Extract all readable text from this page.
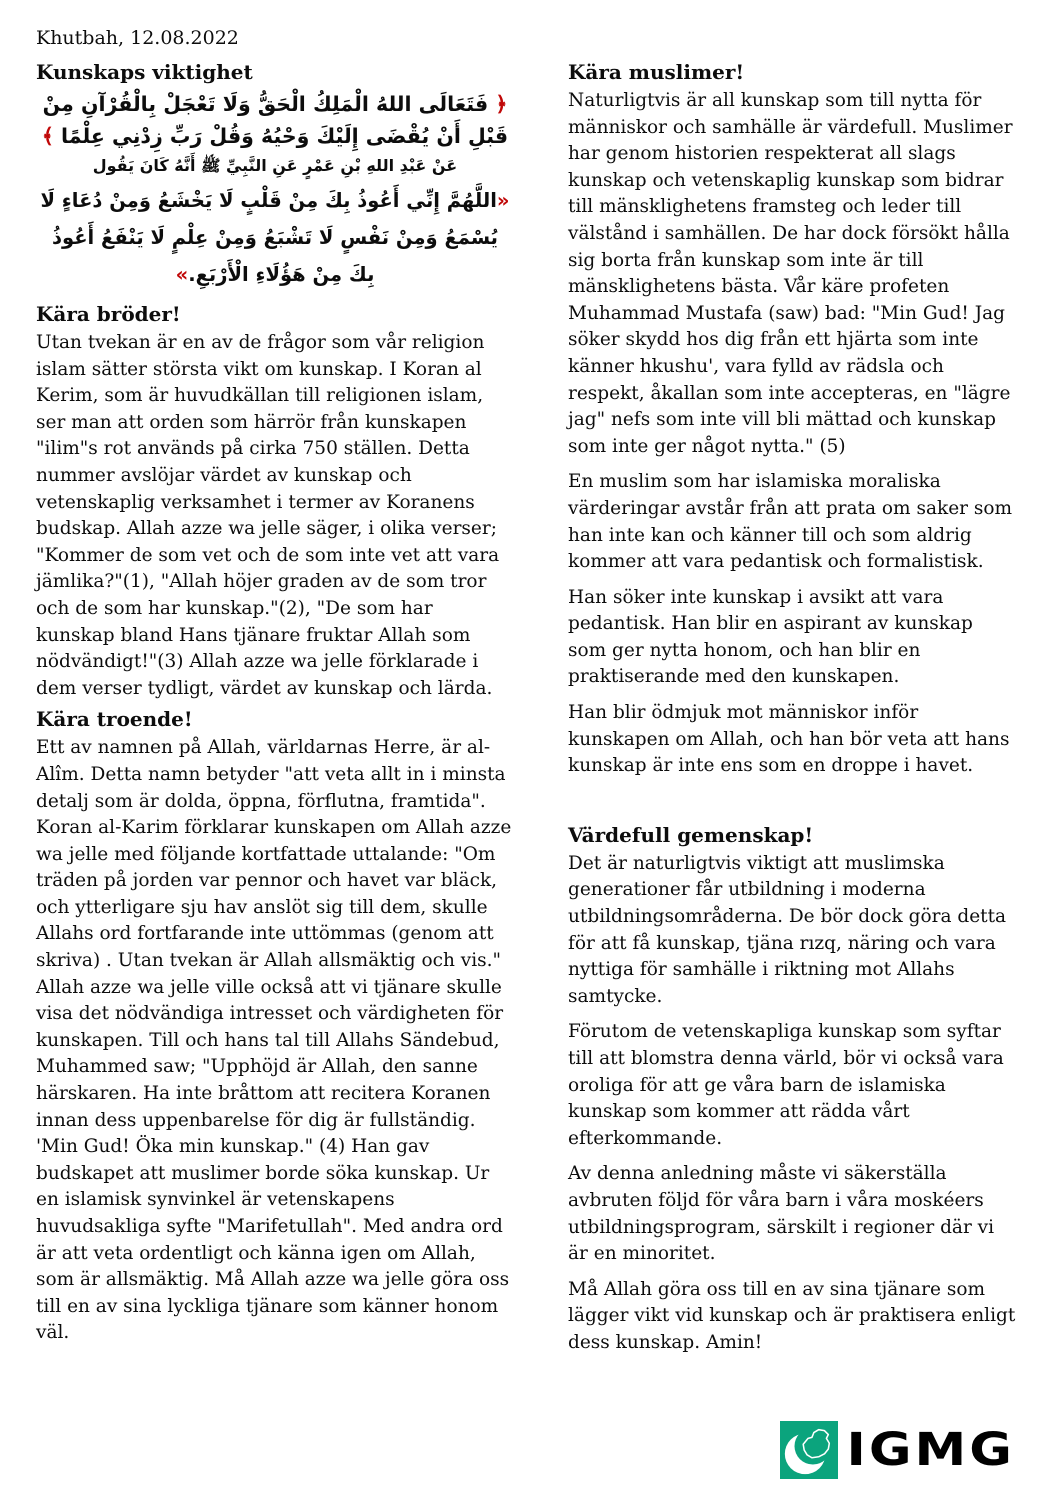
Khutbah, 12.08.2022

Kunskaps viktighet

﴿ فَتَعَالَى اللهُ الْمَلِكُ الْحَقُّ وَلَا تَعْجَلْ بِالْقُرْآنِ مِنْ قَبْلِ أَنْ يُقْضَى إِلَيْكَ وَحْيُهُ وَقُلْ رَبِّ زِدْنِي عِلْمًا ﴾

عَنْ عَبْدِ اللهِ بْنِ عَمْرٍ عَنِ النَّبِيِّ ﷺ أَنَّهُ كَانَ يَقُول

«اللَّهُمَّ إِنِّي أَعُوذُ بِكَ مِنْ قَلْبٍ لَا يَخْشَعُ وَمِنْ دُعَاءٍ لَا يُسْمَعُ وَمِنْ نَفْسٍ لَا تَشْبَعُ وَمِنْ عِلْمٍ لَا يَنْفَعُ أَعُوذُ بِكَ مِنْ هَؤُلَاءِ الْأَرْبَعِ.»

Kära bröder!

Utan tvekan är en av de frågor som vår religion islam sätter största vikt om kunskap. I Koran al Kerim, som är huvudkällan till religionen islam, ser man att orden som härrör från kunskapen "ilim"s rot används på cirka 750 ställen. Detta nummer avslöjar värdet av kunskap och vetenskaplig verksamhet i termer av Koranens budskap. Allah azze wa jelle säger, i olika verser; "Kommer de som vet och de som inte vet att vara jämlika?"(1), "Allah höjer graden av de som tror och de som har kunskap."(2), "De som har kunskap bland Hans tjänare fruktar Allah som nödvändigt!"(3) Allah azze wa jelle förklarade i dem verser tydligt, värdet av kunskap och lärda.

Kära troende!

Ett av namnen på Allah, världarnas Herre, är al-Alîm. Detta namn betyder "att veta allt in i minsta detalj som är dolda, öppna, förflutna, framtida". Koran al-Karim förklarar kunskapen om Allah azze wa jelle med följande kortfattade uttalande: "Om träden på jorden var pennor och havet var bläck, och ytterligare sju hav anslöt sig till dem, skulle Allahs ord fortfarande inte uttömmas (genom att skriva) . Utan tvekan är Allah allsmäktig och vis." Allah azze wa jelle ville också att vi tjänare skulle visa det nödvändiga intresset och värdigheten för kunskapen. Till och hans tal till Allahs Sändebud, Muhammed saw; "Upphöjd är Allah, den sanne härskaren. Ha inte bråttom att recitera Koranen innan dess uppenbarelse för dig är fullständig. 'Min Gud! Öka min kunskap." (4) Han gav budskapet att muslimer borde söka kunskap. Ur en islamisk synvinkel är vetenskapens huvudsakliga syfte "Marifetullah". Med andra ord är att veta ordentligt och känna igen om Allah, som är allsmäktig. Må Allah azze wa jelle göra oss till en av sina lyckliga tjänare som känner honom väl.

Kära muslimer!

Naturligtvis är all kunskap som till nytta för människor och samhälle är värdefull. Muslimer har genom historien respekterat all slags kunskap och vetenskaplig kunskap som bidrar till mänsklighetens framsteg och leder till välstånd i samhällen. De har dock försökt hålla sig borta från kunskap som inte är till mänsklighetens bästa. Vår käre profeten Muhammad Mustafa (saw) bad: "Min Gud! Jag söker skydd hos dig från ett hjärta som inte känner hkushu', vara fylld av rädsla och respekt, åkallan som inte accepteras, en "lägre jag" nefs som inte vill bli mättad och kunskap som inte ger något nytta." (5)

En muslim som har islamiska moraliska värderingar avstår från att prata om saker som han inte kan och känner till och som aldrig kommer att vara pedantisk och formalistisk.

Han söker inte kunskap i avsikt att vara pedantisk. Han blir en aspirant av kunskap som ger nytta honom, och han blir en praktiserande med den kunskapen.

Han blir ödmjuk mot människor inför kunskapen om Allah, och han bör veta att hans kunskap är inte ens som en droppe i havet.

Värdefull gemenskap!

Det är naturligtvis viktigt att muslimska generationer får utbildning i moderna utbildningsområderna. De bör dock göra detta för att få kunskap, tjäna rızq, näring och vara nyttiga för samhälle i riktning mot Allahs samtycke.

Förutom de vetenskapliga kunskap som syftar till att blomstra denna värld, bör vi också vara oroliga för att ge våra barn de islamiska kunskap som kommer att rädda vårt efterkommande.

Av denna anledning måste vi säkerställa avbruten följd för våra barn i våra moskéers utbildningsprogram, särskilt i regioner där vi är en minoritet.

Må Allah göra oss till en av sina tjänare som lägger vikt vid kunskap och är praktisera enligt dess kunskap. Amin!

IGMG
